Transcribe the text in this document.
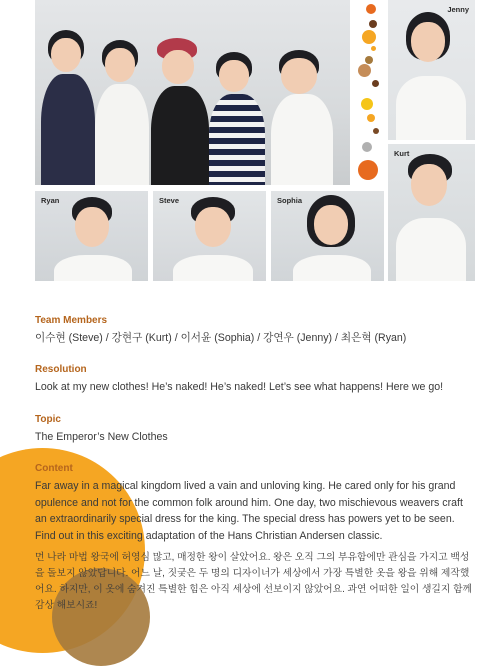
Jenny
Kurt
Ryan	Steve	Sophia
Team Members

이수현 (Steve) / 강현구 (Kurt) / 이서윤 (Sophia) / 강연우 (Jenny) / 최은혁 (Ryan)

Resolution

Look at my new clothes! He’s naked! He’s naked! Let’s see what happens! Here we go!

Topic

The Emperor’s New Clothes

Content

Far away in a magical kingdom lived a vain and unloving king. He cared only for his grand opulence and not for the common folk around him. One day, two mischievous weavers craft an extraordinarily special dress for the king. The special dress has powers yet to be seen. Find out in this exciting adaptation of the Hans Christian Andersen classic.

먼 나라 마법 왕국에 허영심 많고, 매정한 왕이 살았어요. 왕은 오직 그의 부유함에만 관심을 가지고 백성을 돌보지 않았답니다. 어느 날, 짓궂은 두 명의 디자이너가 세상에서 가장 특별한 옷을 왕을 위해 제작했어요. 하지만, 이 옷에 숨겨진 특별한 힘은 아직 세상에 선보이지 않았어요. 과연 어떠한 일이 생길지 함께 감상 해보시죠!
